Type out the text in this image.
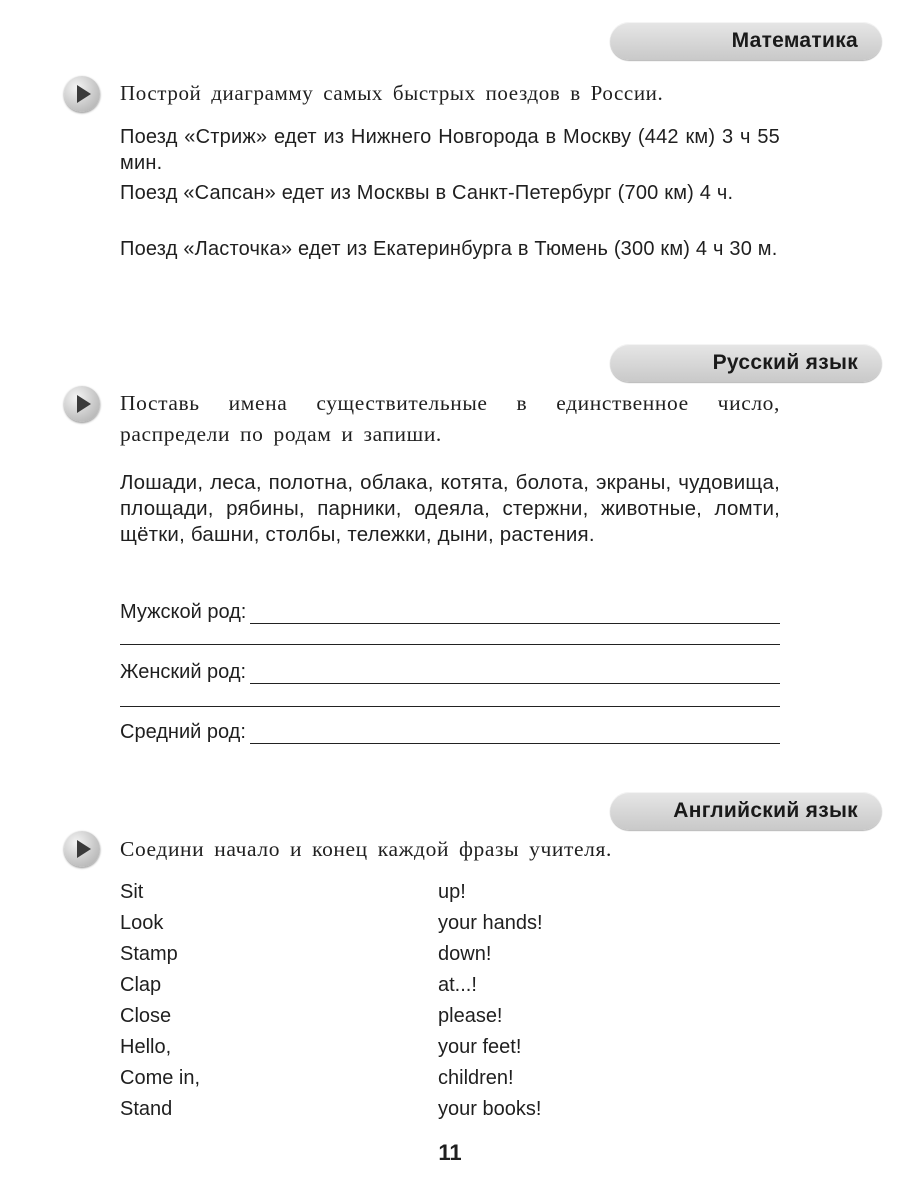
Математика

Построй диаграмму самых быстрых поездов в России.

Поезд «Стриж» едет из Нижнего Новгорода в Москву (442 км) 3 ч 55 мин.

Поезд «Сапсан» едет из Москвы в Санкт-Петербург (700 км) 4 ч.

Поезд «Ласточка» едет из Екатеринбурга в Тюмень (300 км) 4 ч 30 м.

Русский язык

Поставь имена существительные в единственное число, распредели по родам и запиши.

Лошади, леса, полотна, облака, котята, болота, экраны, чудовища, площади, рябины, парники, одеяла, стержни, животные, ломти, щётки, башни, столбы, тележки, дыни, растения.

Мужской род:
Женский род:
Средний род:
Английский язык

Соедини начало и конец каждой фразы учителя.

Sit
Look
Stamp
Clap
Close
Hello,
Come in,
Stand
up!
your hands!
down!
at...!
please!
your feet!
children!
your books!
11
